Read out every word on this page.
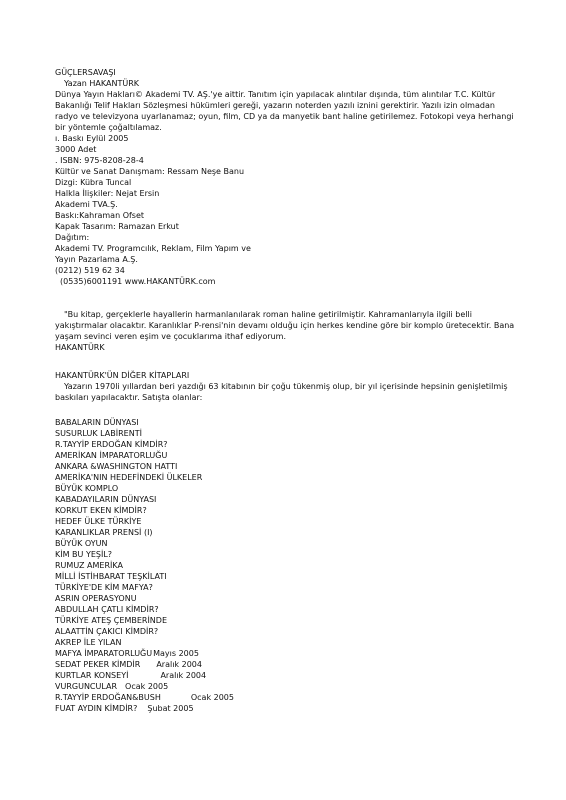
GÜÇLERSAVAŞI
Yazan HAKANTÜRK
Dünya Yayın Hakları© Akademi TV. AŞ.'ye aittir. Tanıtım için yapılacak alıntılar dışında, tüm alıntılar T.C. Kültür Bakanlığı Telif Hakları Sözleşmesi hükümleri gereği, yazarın noterden yazılı iznini gerektirir. Yazılı izin olmadan radyo ve televizyona uyarlanamaz; oyun, film, CD ya da manyetik bant haline getirilemez. Fotokopi veya herhangi bir yöntemle çoğaltılamaz.
ı. Baskı Eylül 2005
3000 Adet
. ISBN: 975-8208-28-4
Kültür ve Sanat Danışmam: Ressam Neşe Banu
Dizgi: Kübra Tuncal
Halkla İlişkiler: Nejat Ersin
Akademi TVA.Ş.
Baskı:Kahraman Ofset
Kapak Tasarım: Ramazan Erkut
Dağıtım:
Akademi TV. Programcılık, Reklam, Film Yapım ve
Yayın Pazarlama A.Ş.
(0212) 519 62 34
(0535)6001191 www.HAKANTÜRK.com
"Bu kitap, gerçeklerle hayallerin harmanlanılarak roman haline getirilmiştir. Kahramanlarıyla ilgili belli yakıştırmalar olacaktır. Karanlıklar P-rensi'nin devamı olduğu için herkes kendine göre bir komplo üretecektir. Bana yaşam sevinci veren eşim ve çocuklarıma ithaf ediyorum.
HAKANTÜRK
HAKANTÜRK'ÜN DİĞER KİTAPLARI
Yazarın 1970li yıllardan beri yazdığı 63 kitabının bir çoğu tükenmiş olup, bir yıl içerisinde hepsinin genişletilmiş baskıları yapılacaktır. Satışta olanlar:
BABALARIN DÜNYASI
SUSURLUK LABİRENTİ
R.TAYYİP ERDOĞAN KİMDİR?
AMERİKAN İMPARATORLUĞU
ANKARA &WASHINGTON HATTI
AMERİKA'NIN HEDEFİNDEKİ ÜLKELER
BÜYÜK KOMPLO
KABADAYILARIN DÜNYASI
KORKUT EKEN KİMDİR?
HEDEF ÜLKE TÜRKİYE
KARANLIKLAR PRENSİ (I)
BÜYÜK OYUN
KİM BU YEŞİL?
RUMUZ AMERİKA
MİLLİ İSTİHBARAT TEŞKİLATI
TÜRKİYE'DE KİM MAFYA?
ASRIN OPERASYONU
ABDULLAH ÇATLI KİMDİR?
TÜRKİYE ATEŞ ÇEMBERİNDE
ALAATTİN ÇAKICI KİMDİR?
AKREP İLE YILAN
MAFYA İMPARATORLUĞUMayıs 2005
SEDAT PEKER KİMDİR Aralık 2004
KURTLAR KONSEYİ	Aralık 2004
VURGUNCULAR Ocak 2005
R.TAYYİP ERDOĞAN&BUSH	Ocak 2005
FUAT AYDIN KİMDİR? Şubat 2005
